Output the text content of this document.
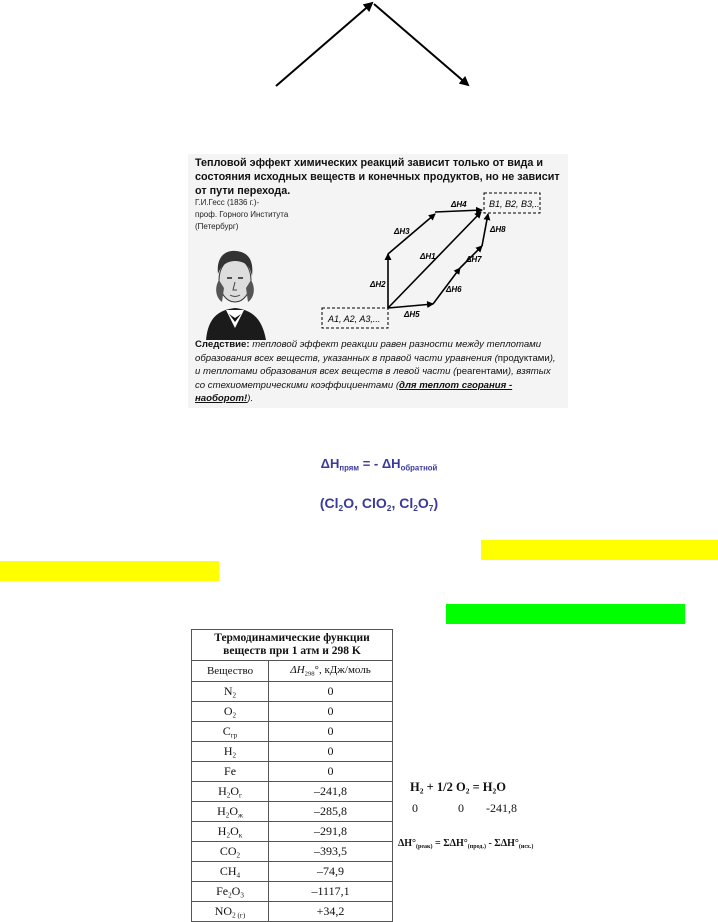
Тепловой эффект химических реакций зависит только от вида и состояния исходных веществ и конечных продуктов, но не зависит от пути перехода.
Г.И.Гесс (1836 г.)-
проф. Горного Института
(Петербург)
A1, A2, A3,...
B1, B2, B3,..
ΔH1
ΔH2
ΔH3
ΔH4
ΔH5
ΔH6
ΔH7
ΔH8
Следствие: тепловой эффект реакции равен разности между теплотами образования всех веществ, указанных в правой части уравнения (продуктами), и теплотами образования всех веществ в левой части (реагентами), взятых со стехиометрическими коэффициентами (для теплот сгорания - наоборот!).
$\Delta H_{прям}$ = - $\Delta H_{обратной}$
($Cl_2O$, ClO$_2$, $Cl_2O_7$)
Термодинамические функции веществ при 1 атм и 298 K	
Вещество	$\Delta H_{298}^\circ$, кДж/моль
$N_2$	0
$O_2$	0
$C_{гр}$	0
$H_2$	0
Fe	0
$H_2O_г$	–241,8
$H_2O_ж$	–285,8
$H_2O_к$	–291,8
$CO_2$	–393,5
$CH_4$	–74,9
$Fe_2O_3$	–1117,1
$NO_{2 (г)}$	+34,2
$H_2 + 1/2$ $O_2 = H_2O$
0	0 -241,8
$\Delta H^\circ_{(реак)} = \Sigma\Delta H^\circ_{(прод.)} - \Sigma\Delta H^\circ_{(исх.)}$
